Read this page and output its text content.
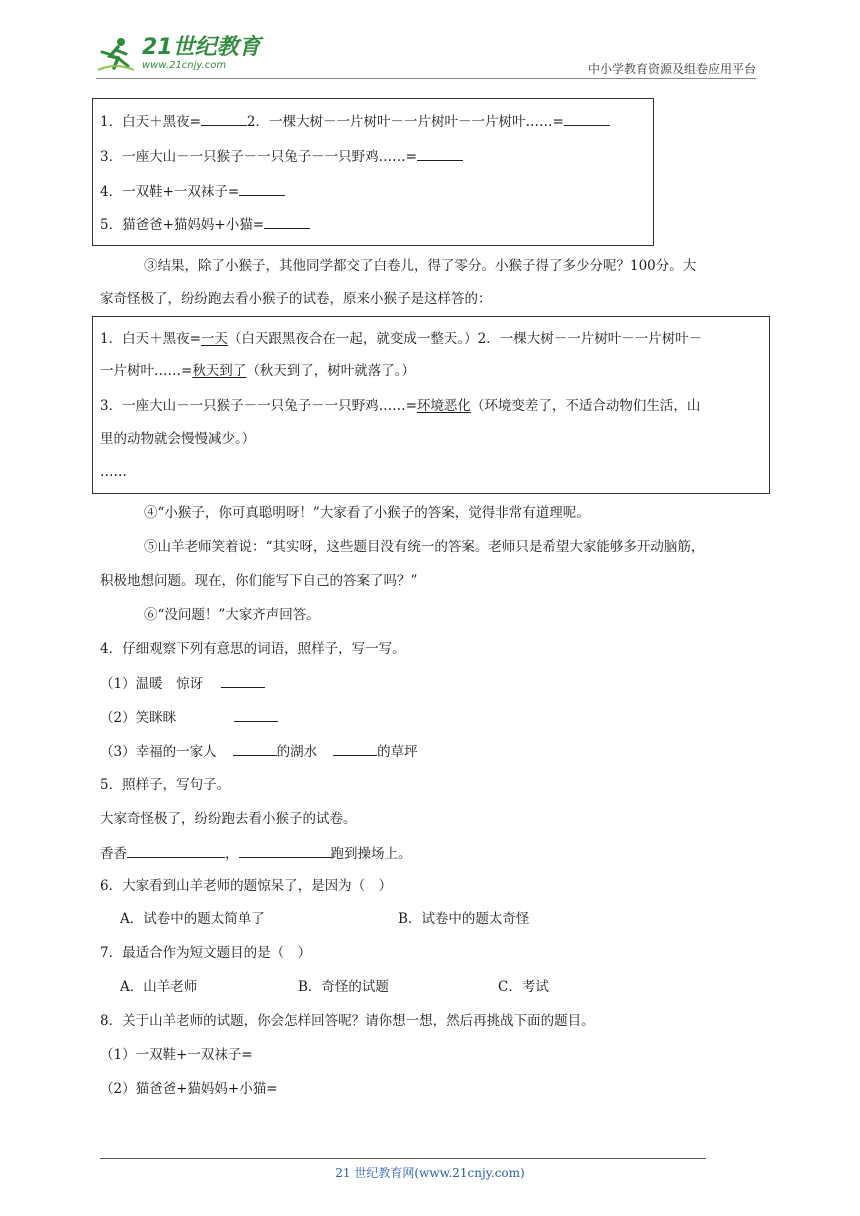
21世纪教育
www.21cnjy.com	中小学教育资源及组卷应用平台
1．白天＋黑夜=	2．一棵大树－一片树叶－一片树叶－一片树叶……=
3．一座大山－一只猴子－一只兔子－一只野鸡……=
4．一双鞋+一双袜子=
5．猫爸爸+猫妈妈+小猫=
③结果，除了小猴子，其他同学都交了白卷儿，得了零分。小猴子得了多少分呢？100分。大
家奇怪极了，纷纷跑去看小猴子的试卷，原来小猴子是这样答的：
1．白天＋黑夜=一天（白天跟黑夜合在一起，就变成一整天。）2．一棵大树－一片树叶－一片树叶－
一片树叶……=秋天到了（秋天到了，树叶就落了。）
3．一座大山－一只猴子－一只兔子－一只野鸡……=环境恶化（环境变差了，不适合动物们生活，山
里的动物就会慢慢减少。）
……
④“小猴子，你可真聪明呀！”大家看了小猴子的答案，觉得非常有道理呢。
⑤山羊老师笑着说：“其实呀，这些题目没有统一的答案。老师只是希望大家能够多开动脑筋，
积极地想问题。现在，你们能写下自己的答案了吗？”
⑥“没问题！”大家齐声回答。
4．仔细观察下列有意思的词语，照样子，写一写。
（1）温暖　惊讶
（2）笑眯眯
（3）幸福的一家人	的湖水	的草坪
5．照样子，写句子。
大家奇怪极了，纷纷跑去看小猴子的试卷。
香香	，	跑到操场上。
6．大家看到山羊老师的题惊呆了，是因为（　）
A．试卷中的题太简单了	B．试卷中的题太奇怪
7．最适合作为短文题目的是（　）
A．山羊老师	B．奇怪的试题	C．考试
8．关于山羊老师的试题，你会怎样回答呢？请你想一想，然后再挑战下面的题目。
（1）一双鞋+一双袜子=
（2）猫爸爸+猫妈妈+小猫=
21 世纪教育网(www.21cnjy.com)
